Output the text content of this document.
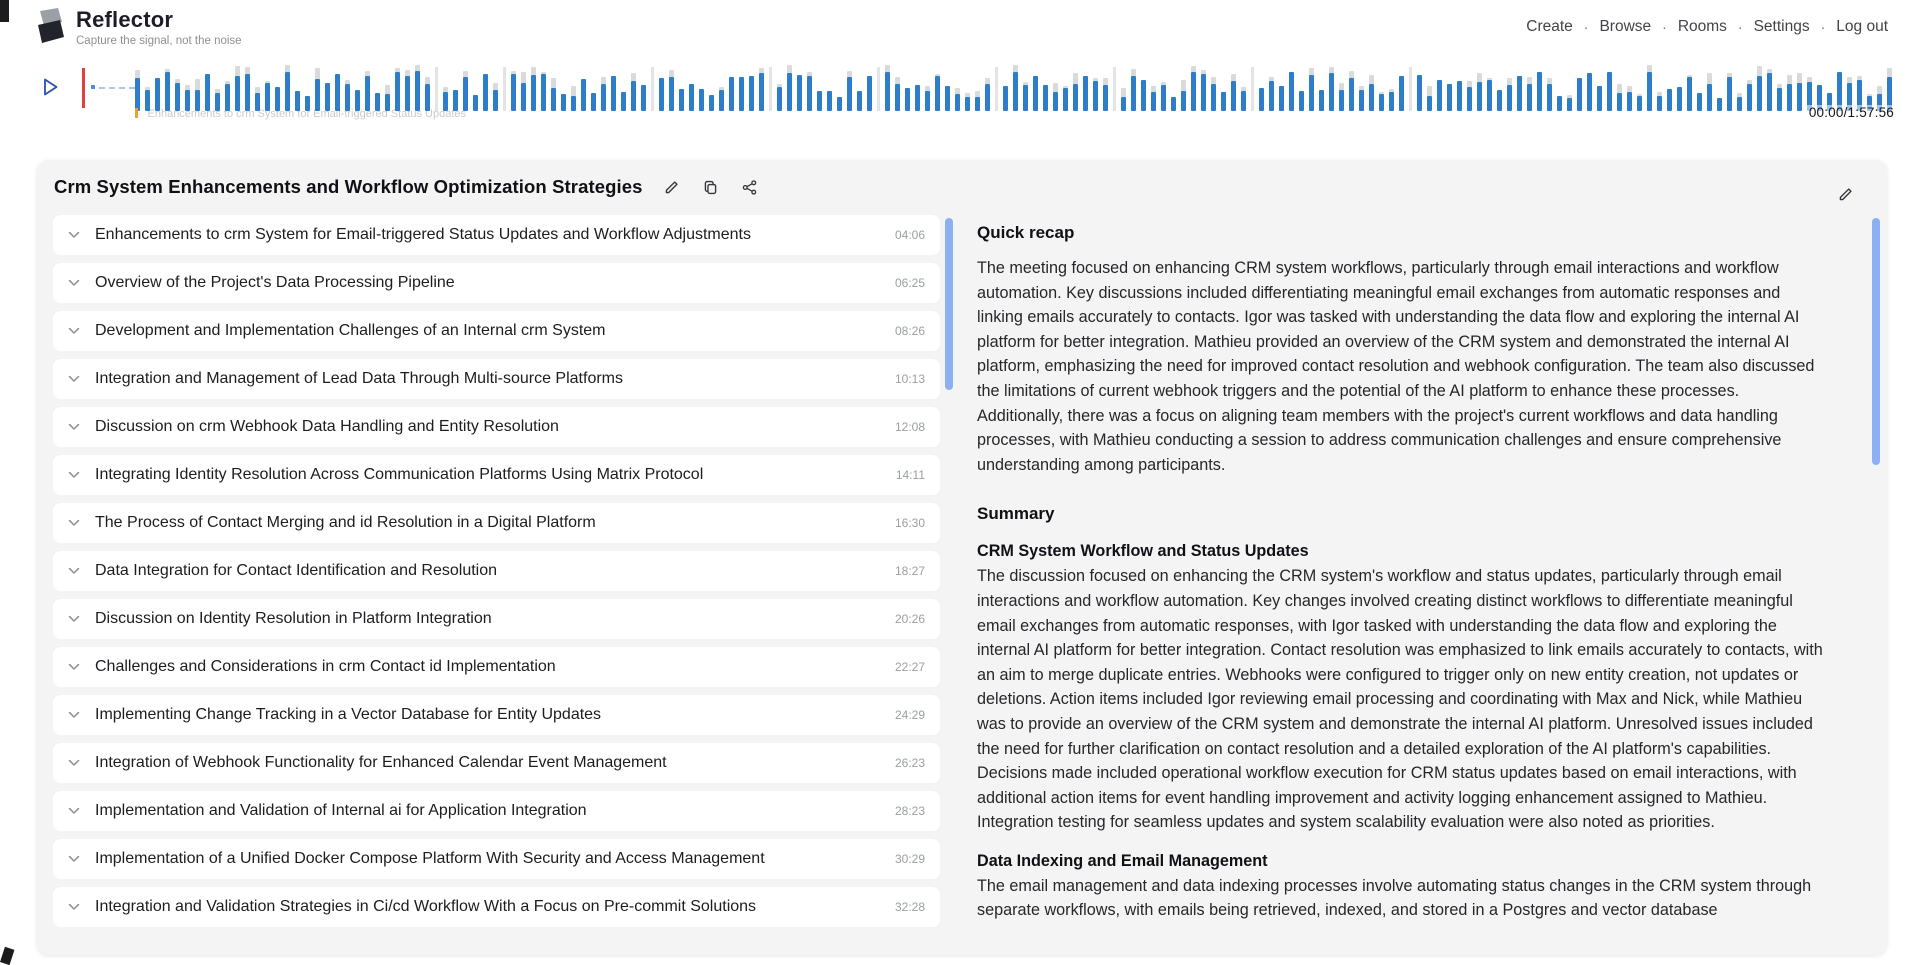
Reflector
Capture the signal, not the noise
Create · Browse · Rooms · Settings · Log out
00:00/1:57:56
Enhancements to crm System for Email-triggered Status Updates
Crm System Enhancements and Workflow Optimization Strategies
Enhancements to crm System for Email-triggered Status Updates and Workflow Adjustments	04:06
Overview of the Project's Data Processing Pipeline	06:25
Development and Implementation Challenges of an Internal crm System	08:26
Integration and Management of Lead Data Through Multi-source Platforms	10:13
Discussion on crm Webhook Data Handling and Entity Resolution	12:08
Integrating Identity Resolution Across Communication Platforms Using Matrix Protocol	14:11
The Process of Contact Merging and id Resolution in a Digital Platform	16:30
Data Integration for Contact Identification and Resolution	18:27
Discussion on Identity Resolution in Platform Integration	20:26
Challenges and Considerations in crm Contact id Implementation	22:27
Implementing Change Tracking in a Vector Database for Entity Updates	24:29
Integration of Webhook Functionality for Enhanced Calendar Event Management	26:23
Implementation and Validation of Internal ai for Application Integration	28:23
Implementation of a Unified Docker Compose Platform With Security and Access Management	30:29
Integration and Validation Strategies in Ci/cd Workflow With a Focus on Pre-commit Solutions	32:28
Quick recap

The meeting focused on enhancing CRM system workflows, particularly through email interactions and workflow automation. Key discussions included differentiating meaningful email exchanges from automatic responses and linking emails accurately to contacts. Igor was tasked with understanding the data flow and exploring the internal AI platform for better integration. Mathieu provided an overview of the CRM system and demonstrated the internal AI platform, emphasizing the need for improved contact resolution and webhook configuration. The team also discussed the limitations of current webhook triggers and the potential of the AI platform to enhance these processes. Additionally, there was a focus on aligning team members with the project's current workflows and data handling processes, with Mathieu conducting a session to address communication challenges and ensure comprehensive understanding among participants.

Summary
CRM System Workflow and Status Updates

The discussion focused on enhancing the CRM system's workflow and status updates, particularly through email interactions and workflow automation. Key changes involved creating distinct workflows to differentiate meaningful email exchanges from automatic responses, with Igor tasked with understanding the data flow and exploring the internal AI platform for better integration. Contact resolution was emphasized to link emails accurately to contacts, with an aim to merge duplicate entries. Webhooks were configured to trigger only on new entity creation, not updates or deletions. Action items included Igor reviewing email processing and coordinating with Max and Nick, while Mathieu was to provide an overview of the CRM system and demonstrate the internal AI platform. Unresolved issues included the need for further clarification on contact resolution and a detailed exploration of the AI platform's capabilities. Decisions made included operational workflow execution for CRM status updates based on email interactions, with additional action items for event handling improvement and activity logging enhancement assigned to Mathieu. Integration testing for seamless updates and system scalability evaluation were also noted as priorities.

Data Indexing and Email Management

The email management and data indexing processes involve automating status changes in the CRM system through separate workflows, with emails being retrieved, indexed, and stored in a Postgres and vector database
